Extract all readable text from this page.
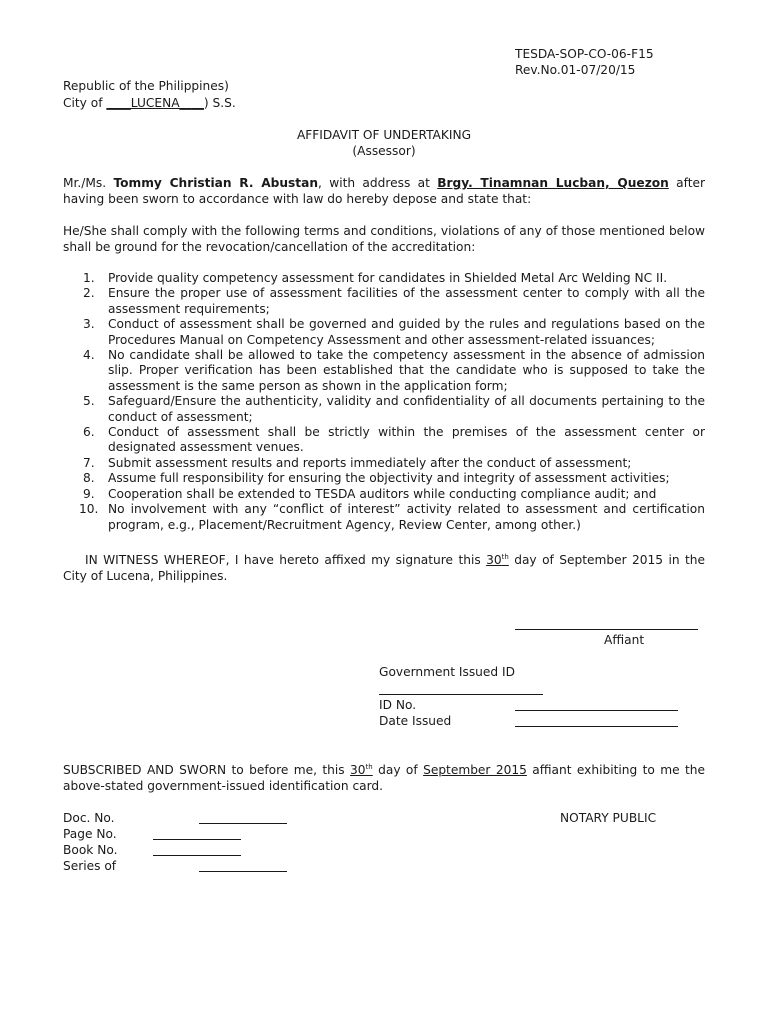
TESDA-SOP-CO-06-F15
Rev.No.01-07/20/15
Republic of the Philippines)
City of ____LUCENA____) S.S.
AFFIDAVIT OF UNDERTAKING
(Assessor)
Mr./Ms. Tommy Christian R. Abustan, with address at Brgy. Tinamnan Lucban, Quezon after having been sworn to accordance with law do hereby depose and state that:
He/She shall comply with the following terms and conditions, violations of any of those mentioned below shall be ground for the revocation/cancellation of the accreditation:
1. Provide quality competency assessment for candidates in Shielded Metal Arc Welding NC II.
2. Ensure the proper use of assessment facilities of the assessment center to comply with all the assessment requirements;
3. Conduct of assessment shall be governed and guided by the rules and regulations based on the Procedures Manual on Competency Assessment and other assessment-related issuances;
4. No candidate shall be allowed to take the competency assessment in the absence of admission slip. Proper verification has been established that the candidate who is supposed to take the assessment is the same person as shown in the application form;
5. Safeguard/Ensure the authenticity, validity and confidentiality of all documents pertaining to the conduct of assessment;
6. Conduct of assessment shall be strictly within the premises of the assessment center or designated assessment venues.
7. Submit assessment results and reports immediately after the conduct of assessment;
8. Assume full responsibility for ensuring the objectivity and integrity of assessment activities;
9. Cooperation shall be extended to TESDA auditors while conducting compliance audit; and
10. No involvement with any “conflict of interest” activity related to assessment and certification program, e.g., Placement/Recruitment Agency, Review Center, among other.)
IN WITNESS WHEREOF, I have hereto affixed my signature this 30th day of September 2015 in the City of Lucena, Philippines.
Affiant
Government Issued ID
ID No.
Date Issued
SUBSCRIBED AND SWORN to before me, this 30th day of September 2015 affiant exhibiting to me the above-stated government-issued identification card.
Doc. No.	NOTARY PUBLIC
Page No.
Book No.
Series of
